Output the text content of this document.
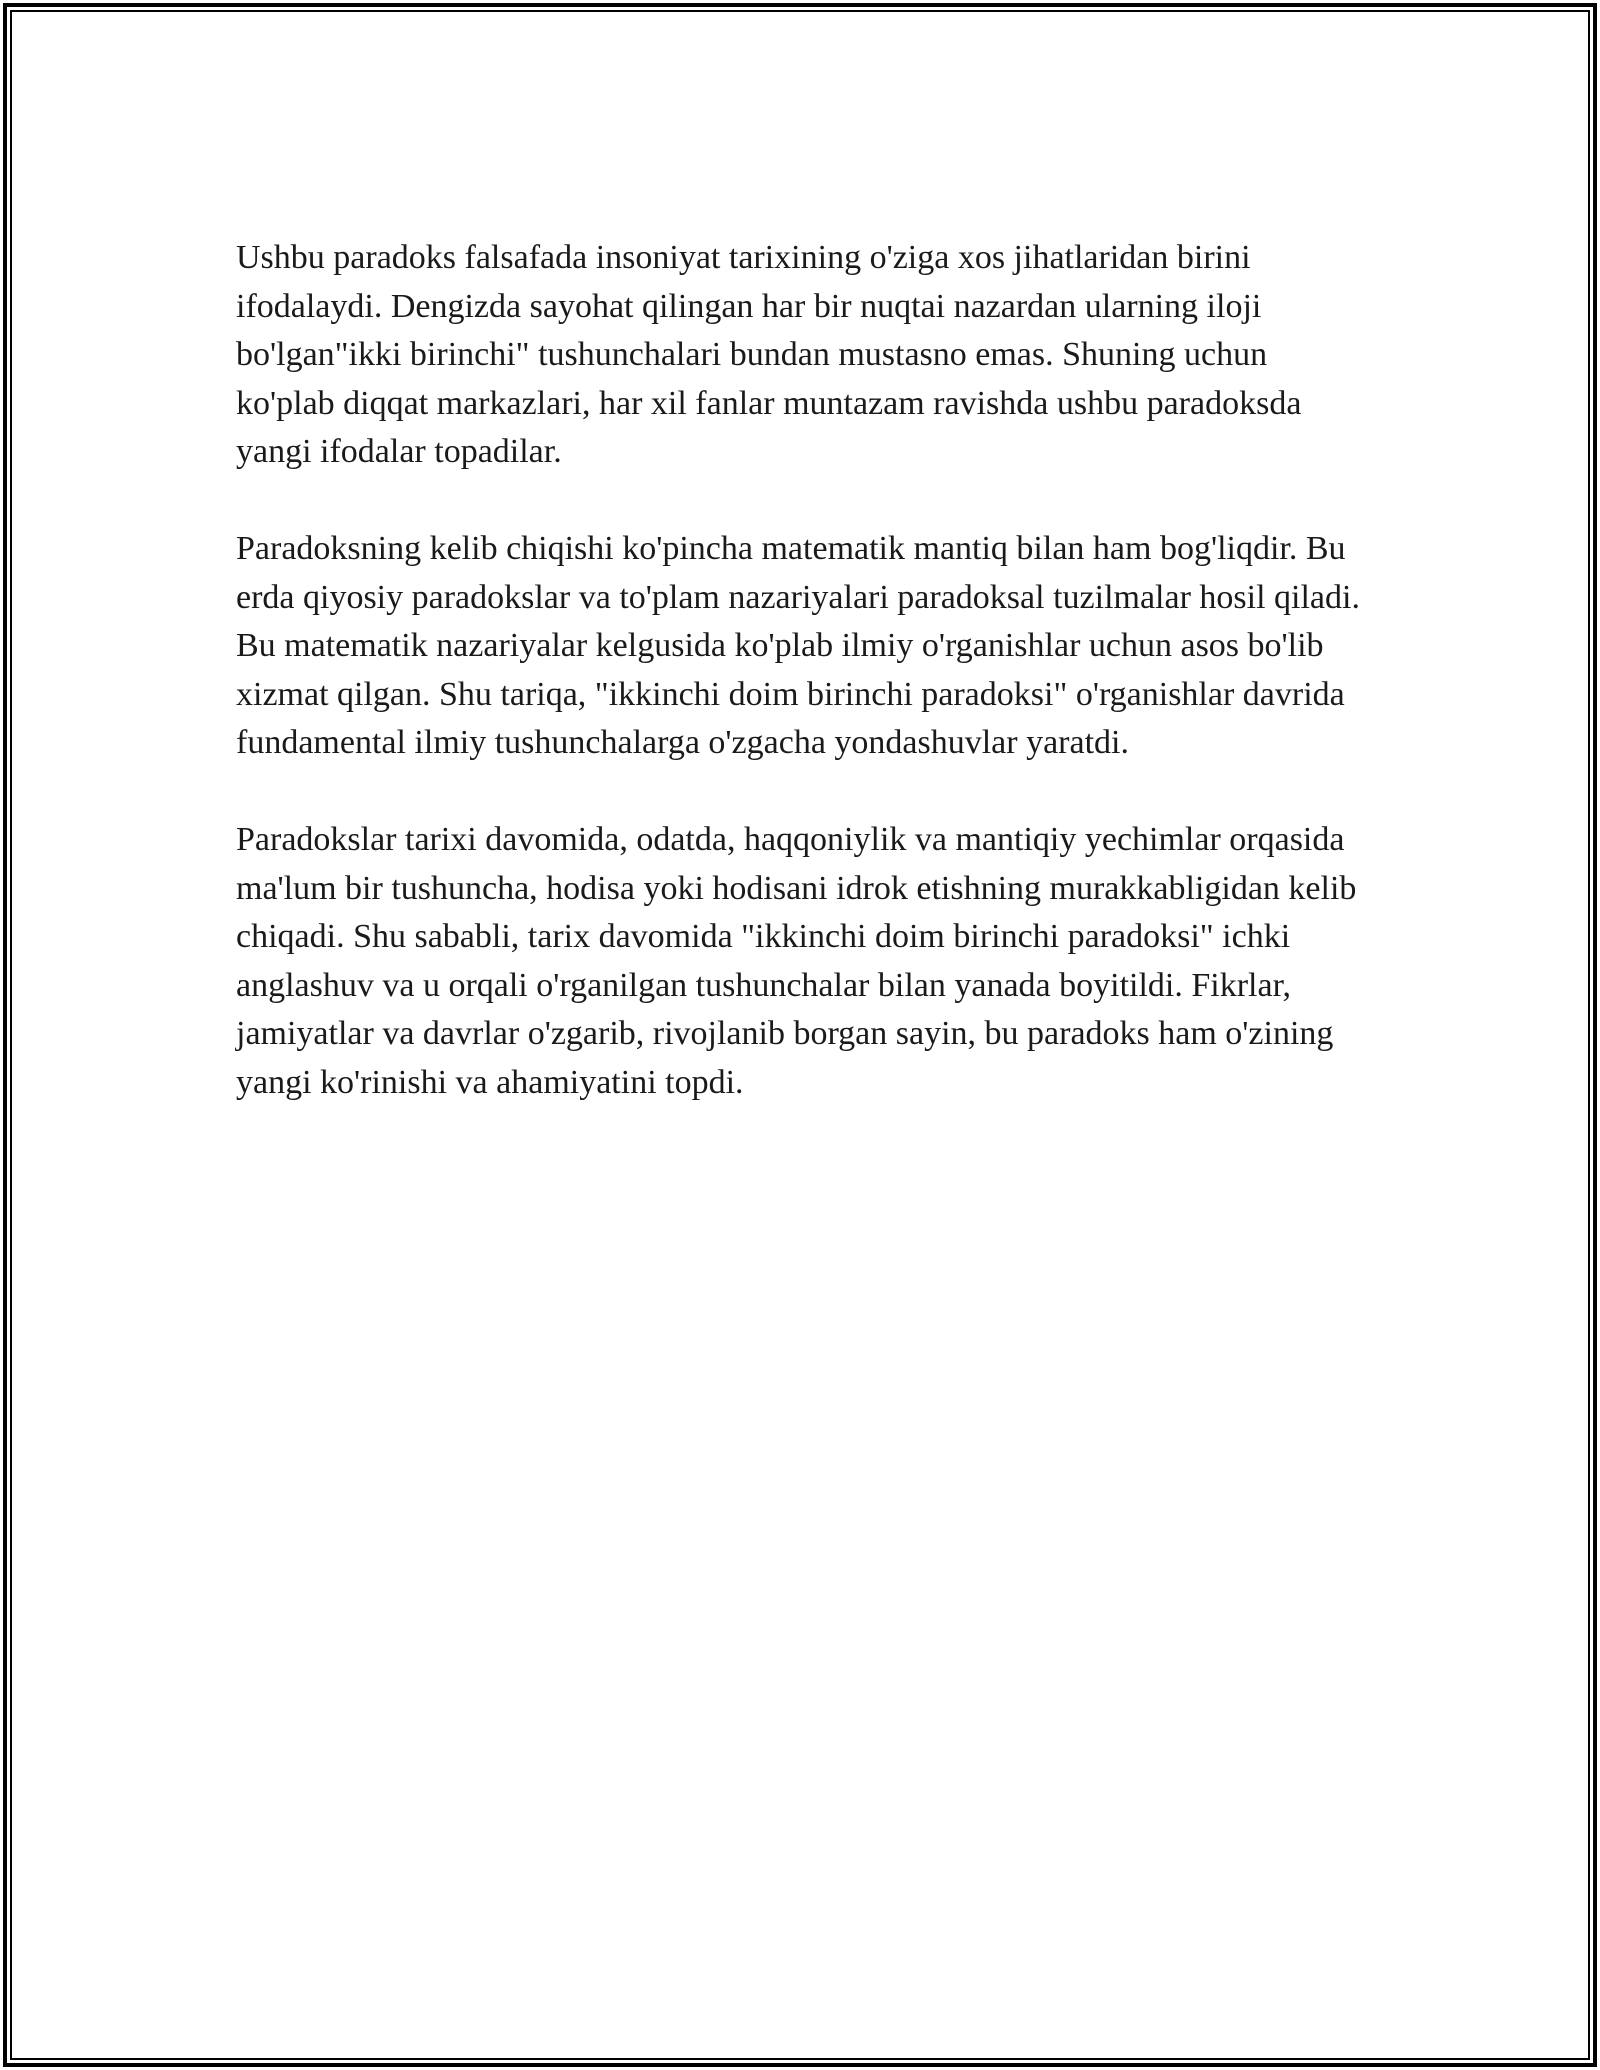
Ushbu paradoks falsafada insoniyat tarixining o'ziga xos jihatlaridan birini ifodalaydi. Dengizda sayohat qilingan har bir nuqtai nazardan ularning iloji bo'lgan"ikki birinchi" tushunchalari bundan mustasno emas. Shuning uchun ko'plab diqqat markazlari, har xil fanlar muntazam ravishda ushbu paradoksda yangi ifodalar topadilar.

Paradoksning kelib chiqishi ko'pincha matematik mantiq bilan ham bog'liqdir. Bu erda qiyosiy paradokslar va to'plam nazariyalari paradoksal tuzilmalar hosil qiladi. Bu matematik nazariyalar kelgusida ko'plab ilmiy o'rganishlar uchun asos bo'lib xizmat qilgan. Shu tariqa, "ikkinchi doim birinchi paradoksi" o'rganishlar davrida fundamental ilmiy tushunchalarga o'zgacha yondashuvlar yaratdi.

Paradokslar tarixi davomida, odatda, haqqoniylik va mantiqiy yechimlar orqasida ma'lum bir tushuncha, hodisa yoki hodisani idrok etishning murakkabligidan kelib chiqadi. Shu sababli, tarix davomida "ikkinchi doim birinchi paradoksi" ichki anglashuv va u orqali o'rganilgan tushunchalar bilan yanada boyitildi. Fikrlar, jamiyatlar va davrlar o'zgarib, rivojlanib borgan sayin, bu paradoks ham o'zining yangi ko'rinishi va ahamiyatini topdi.
